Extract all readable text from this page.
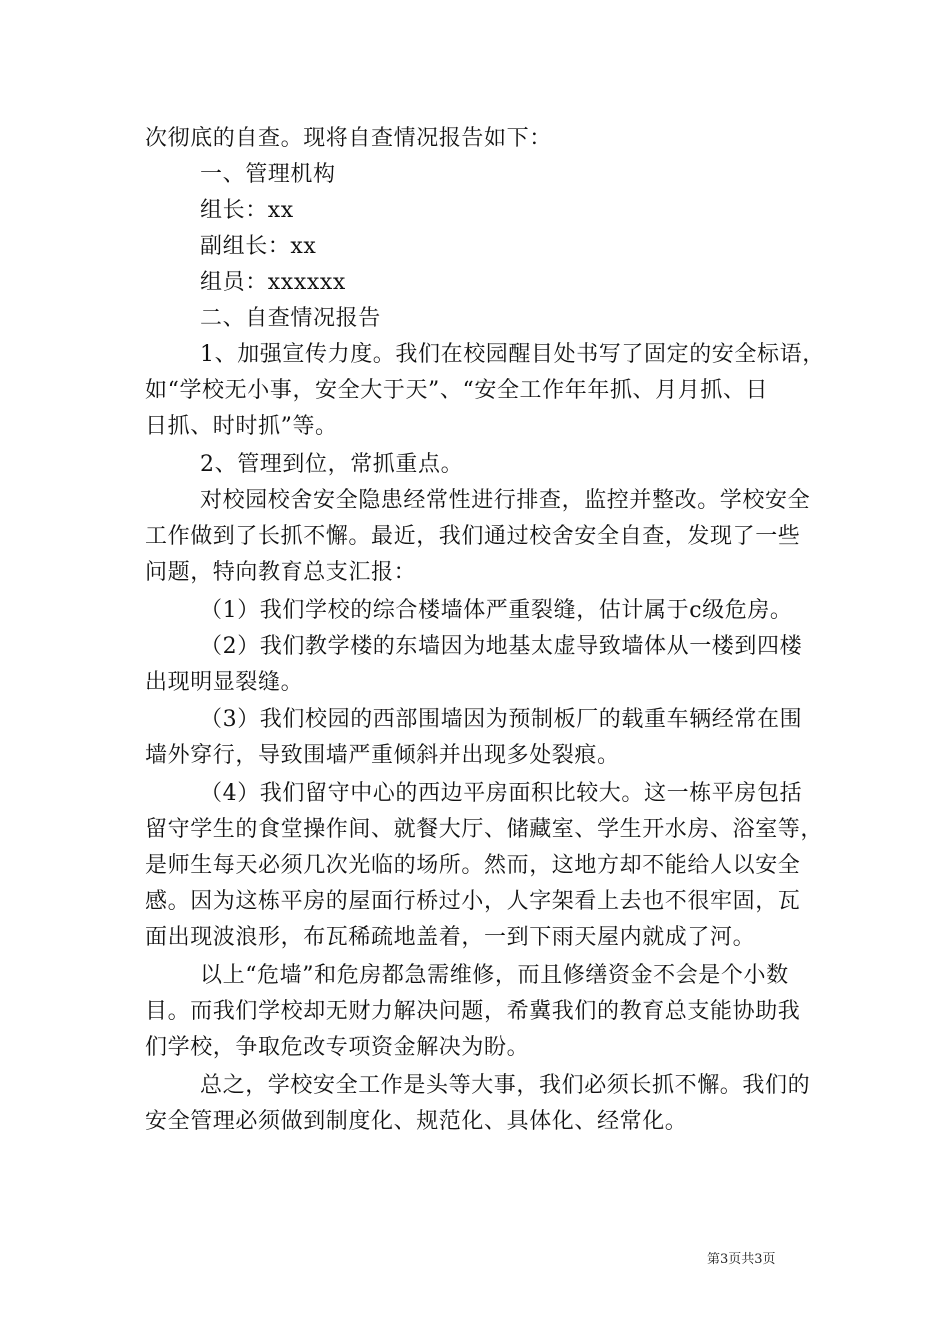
次彻底的自查。现将自查情况报告如下：
一、管理机构
组长：xx
副组长：xx
组员：xxxxxx
二、自查情况报告
1、加强宣传力度。我们在校园醒目处书写了固定的安全标语，
如“学校无小事，安全大于天”、“安全工作年年抓、月月抓、日
日抓、时时抓”等。
2、管理到位，常抓重点。
对校园校舍安全隐患经常性进行排查，监控并整改。学校安全
工作做到了长抓不懈。最近，我们通过校舍安全自查，发现了一些
问题，特向教育总支汇报：
（1）我们学校的综合楼墙体严重裂缝，估计属于c级危房。
（2）我们教学楼的东墙因为地基太虚导致墙体从一楼到四楼
出现明显裂缝。
（3）我们校园的西部围墙因为预制板厂的载重车辆经常在围
墙外穿行，导致围墙严重倾斜并出现多处裂痕。
（4）我们留守中心的西边平房面积比较大。这一栋平房包括
留守学生的食堂操作间、就餐大厅、储藏室、学生开水房、浴室等，
是师生每天必须几次光临的场所。然而，这地方却不能给人以安全
感。因为这栋平房的屋面行桥过小，人字架看上去也不很牢固，瓦
面出现波浪形，布瓦稀疏地盖着，一到下雨天屋内就成了河。
以上“危墙”和危房都急需维修，而且修缮资金不会是个小数
目。而我们学校却无财力解决问题，希冀我们的教育总支能协助我
们学校，争取危改专项资金解决为盼。
总之，学校安全工作是头等大事，我们必须长抓不懈。我们的
安全管理必须做到制度化、规范化、具体化、经常化。
第3页共3页
